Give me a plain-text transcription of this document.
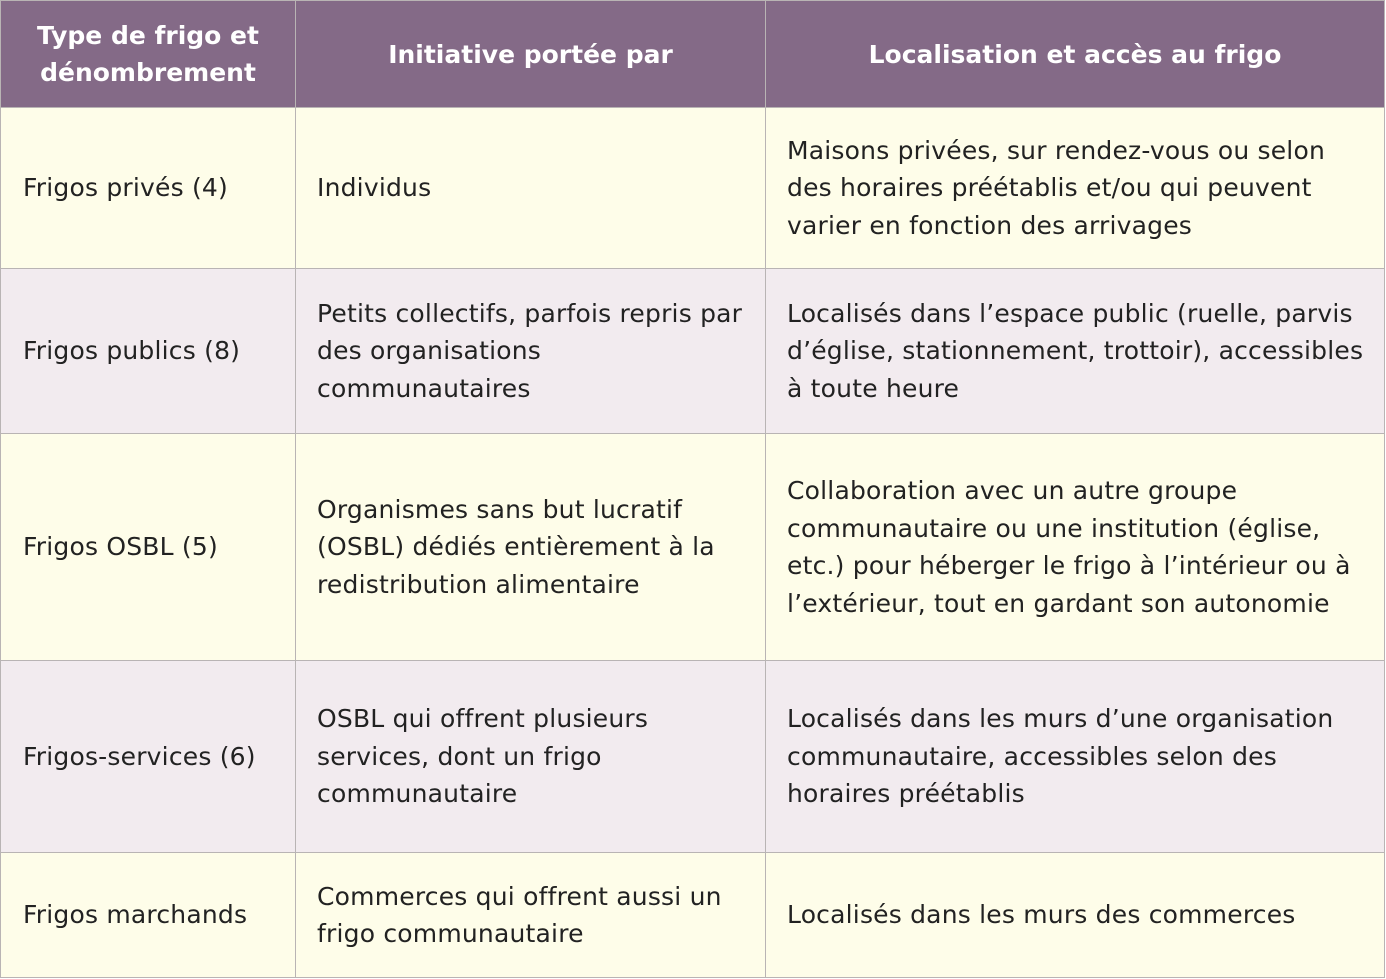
Type de frigo et dénombrement	Initiative portée par	Localisation et accès au frigo
Frigos privés (4)	Individus	Maisons privées, sur rendez-vous ou selon des horaires préétablis et/ou qui peuvent varier en fonction des arrivages
Frigos publics (8)	Petits collectifs, parfois repris par des organisations communautaires	Localisés dans l’espace public (ruelle, parvis d’église, stationnement, trottoir), accessibles à toute heure
Frigos OSBL (5)	Organismes sans but lucratif (OSBL) dédiés entièrement à la redistribution alimentaire	Collaboration avec un autre groupe communautaire ou une institution (église, etc.) pour héberger le frigo à l’intérieur ou à l’extérieur, tout en gardant son autonomie
Frigos-services (6)	OSBL qui offrent plusieurs services, dont un frigo communautaire	Localisés dans les murs d’une organisation communautaire, accessibles selon des horaires préétablis
Frigos marchands	Commerces qui offrent aussi un frigo communautaire	Localisés dans les murs des commerces
